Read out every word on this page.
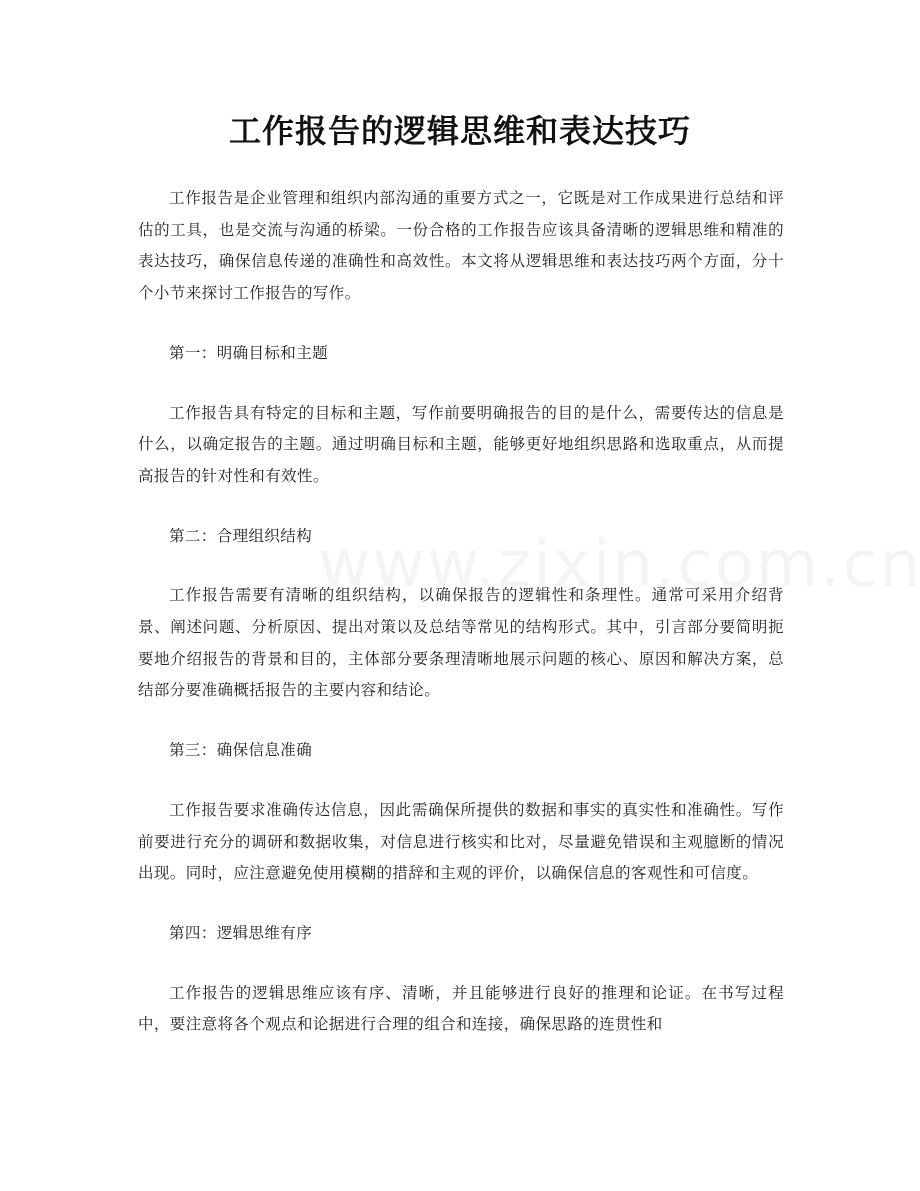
工作报告的逻辑思维和表达技巧

工作报告是企业管理和组织内部沟通的重要方式之一，它既是对工作成果进行总结和评估的工具，也是交流与沟通的桥梁。一份合格的工作报告应该具备清晰的逻辑思维和精准的表达技巧，确保信息传递的准确性和高效性。本文将从逻辑思维和表达技巧两个方面，分十个小节来探讨工作报告的写作。

第一：明确目标和主题

工作报告具有特定的目标和主题，写作前要明确报告的目的是什么，需要传达的信息是什么，以确定报告的主题。通过明确目标和主题，能够更好地组织思路和选取重点，从而提高报告的针对性和有效性。

第二：合理组织结构

工作报告需要有清晰的组织结构，以确保报告的逻辑性和条理性。通常可采用介绍背景、阐述问题、分析原因、提出对策以及总结等常见的结构形式。其中，引言部分要简明扼要地介绍报告的背景和目的，主体部分要条理清晰地展示问题的核心、原因和解决方案，总结部分要准确概括报告的主要内容和结论。

第三：确保信息准确

工作报告要求准确传达信息，因此需确保所提供的数据和事实的真实性和准确性。写作前要进行充分的调研和数据收集，对信息进行核实和比对，尽量避免错误和主观臆断的情况出现。同时，应注意避免使用模糊的措辞和主观的评价，以确保信息的客观性和可信度。

第四：逻辑思维有序

工作报告的逻辑思维应该有序、清晰，并且能够进行良好的推理和论证。在书写过程中，要注意将各个观点和论据进行合理的组合和连接，确保思路的连贯性和
